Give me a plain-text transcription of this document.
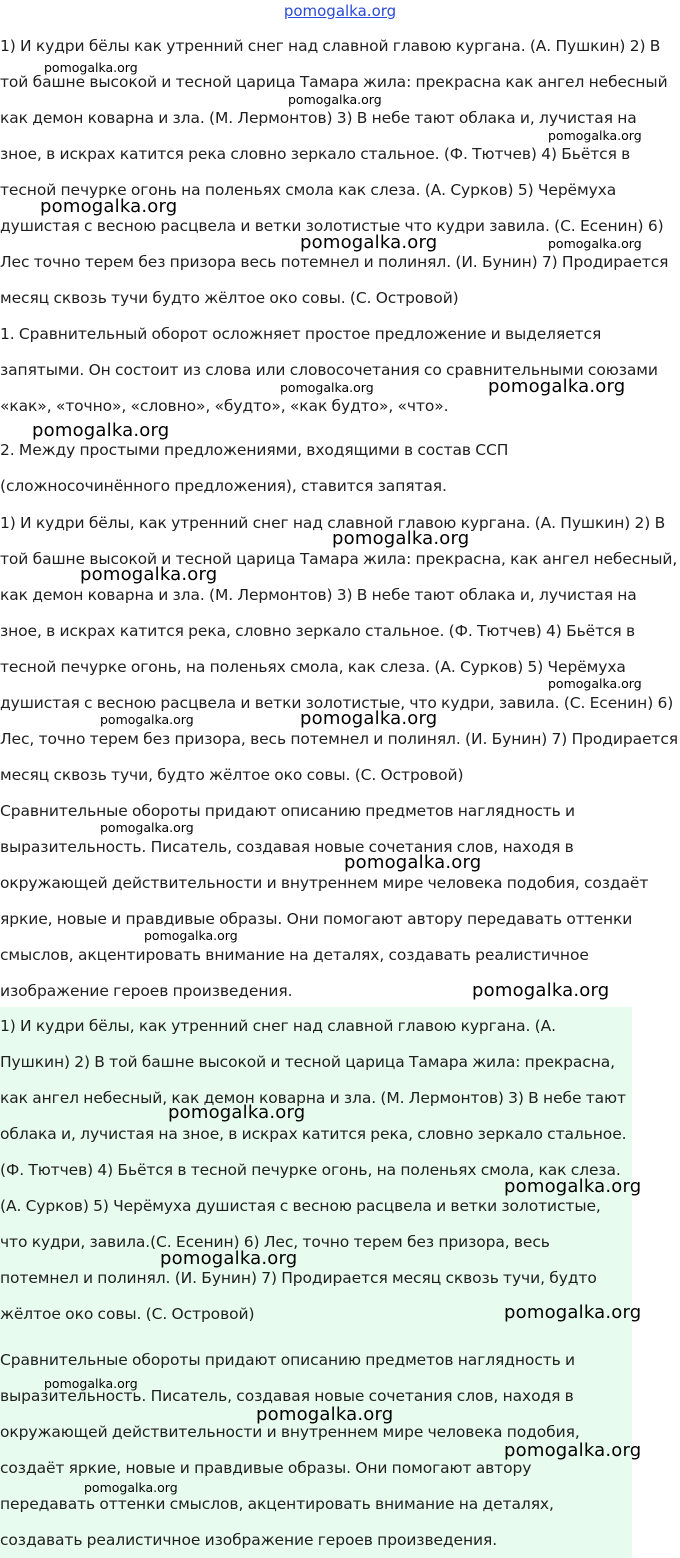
pomogalka.org

1) И кудри бёлы как утренний снег над славной главою кургана. (А. Пушкин) 2) В той башне высокой и тесной царица Тамара жила: прекрасна как ангел небесный как демон коварна и зла. (М. Лермонтов) 3) В небе тают облака и, лучистая на зное, в искрах катится река словно зеркало стальное. (Ф. Тютчев) 4) Бьётся в тесной печурке огонь на поленьях смола как слеза. (А. Сурков) 5) Черёмуха душистая с весною расцвела и ветки золотистые что кудри завила. (С. Есенин) 6) Лес точно терем без призора весь потемнел и полинял. (И. Бунин) 7) Продирается месяц сквозь тучи будто жёлтое око совы. (С. Островой)

1. Сравнительный оборот осложняет простое предложение и выделяется запятыми. Он состоит из слова или словосочетания со сравнительными союзами «как», «точно», «словно», «будто», «как будто», «что».

2. Между простыми предложениями, входящими в состав ССП (сложносочинённого предложения), ставится запятая.

1) И кудри бёлы, как утренний снег над славной главою кургана. (А. Пушкин) 2) В той башне высокой и тесной царица Тамара жила: прекрасна, как ангел небесный, как демон коварна и зла. (М. Лермонтов) 3) В небе тают облака и, лучистая на зное, в искрах катится река, словно зеркало стальное. (Ф. Тютчев) 4) Бьётся в тесной печурке огонь, на поленьях смола, как слеза. (А. Сурков) 5) Черёмуха душистая с весною расцвела и ветки золотистые, что кудри, завила. (С. Есенин) 6) Лес, точно терем без призора, весь потемнел и полинял. (И. Бунин) 7) Продирается месяц сквозь тучи, будто жёлтое око совы. (С. Островой)

Сравнительные обороты придают описанию предметов наглядность и выразительность. Писатель, создавая новые сочетания слов, находя в окружающей действительности и внутреннем мире человека подобия, создаёт яркие, новые и правдивые образы. Они помогают автору передавать оттенки смыслов, акцентировать внимание на деталях, создавать реалистичное изображение героев произведения.

1) И кудри бёлы, как утренний снег над славной главою кургана. (А. Пушкин) 2) В той башне высокой и тесной царица Тамара жила: прекрасна, как ангел небесный, как демон коварна и зла. (М. Лермонтов) 3) В небе тают облака и, лучистая на зное, в искрах катится река, словно зеркало стальное. (Ф. Тютчев) 4) Бьётся в тесной печурке огонь, на поленьях смола, как слеза. (А. Сурков) 5) Черёмуха душистая с весною расцвела и ветки золотистые, что кудри, завила.(С. Есенин) 6) Лес, точно терем без призора, весь потемнел и полинял. (И. Бунин) 7) Продирается месяц сквозь тучи, будто жёлтое око совы. (С. Островой)

Сравнительные обороты придают описанию предметов наглядность и выразительность. Писатель, создавая новые сочетания слов, находя в окружающей действительности и внутреннем мире человека подобия, создаёт яркие, новые и правдивые образы. Они помогают автору передавать оттенки смыслов, акцентировать внимание на деталях, создавать реалистичное изображение героев произведения.

pomogalka.org
pomogalka.org
pomogalka.org
pomogalka.org
pomogalka.org	pomogalka.org
pomogalka.org	pomogalka.org
pomogalka.org
pomogalka.org
pomogalka.org
pomogalka.org
pomogalka.org	pomogalka.org
pomogalka.org
pomogalka.org
pomogalka.org
pomogalka.org
pomogalka.org
pomogalka.org
pomogalka.org
pomogalka.org
pomogalka.org
pomogalka.org
pomogalka.org
pomogalka.org
